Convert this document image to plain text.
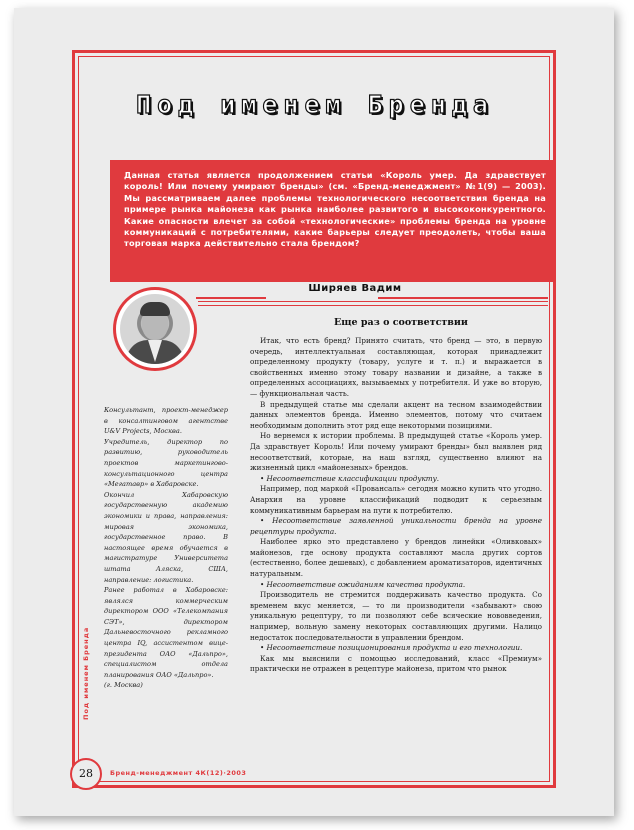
Под именем Бренда
Данная статья является продолжением статьи «Король умер. Да здравствует король! Или почему умирают бренды» (см. «Бренд-менеджмент» №1(9) — 2003). Мы рассматриваем далее проблемы технологического несоответствия бренда на примере рынка майонеза как рынка наиболее развитого и высококонкурентного. Какие опасности влечет за собой «технологические» проблемы бренда на уровне коммуникаций с потребителями, какие барьеры следует преодолеть, чтобы ваша торговая марка действительно стала брендом?
Ширяев Вадим
Еще раз о соответствии

Консультант, проект-менеджер в консалтинговом агентстве U&V Projects, Москва.

Учредитель, директор по развитию, руководитель проектов маркетингово-консультационного центра «Мегатавр» в Хабаровске.

Окончил Хабаровскую государственную академию экономики и права, направления: мировая экономика, государственное право. В настоящее время обучается в магистратуре Университета штата Аляска, США, направление: логистика.

Ранее работал в Хабаровске: являлся коммерческим директором ООО «Телекомпания СЭТ», директором Дальневосточного рекламного центра IQ, ассистентом вице-президента ОАО «Дальпро», специалистом отдела планирования ОАО «Дальпро».

(г. Москва)

Итак, что есть бренд? Принято считать, что бренд — это, в первую очередь, интеллектуальная составляющая, которая принадлежит определенному продукту (товару, услуге и т. п.) и выражается в свойственных именно этому товару названии и дизайне, а также в определенных ассоциациях, вызываемых у потребителя. И уже во вторую, — функциональная часть.

В предыдущей статье мы сделали акцент на тесном взаимодействии данных элементов бренда. Именно элементов, потому что считаем необходимым дополнить этот ряд еще некоторыми позициями.

Но вернемся к истории проблемы. В предыдущей статье «Король умер. Да здравствует Король! Или почему умирают бренды» был выявлен ряд несоответствий, которые, на наш взгляд, существенно влияют на жизненный цикл «майонезных» брендов.

• Несоответствие классификации продукту.

Например, под маркой «Провансаль» сегодня можно купить что угодно. Анархия на уровне классификаций подводит к серьезным коммуникативным барьерам на пути к потребителю.

• Несоответствие заявленной уникальности бренда на уровне рецептуры продукта.

Наиболее ярко это представлено у брендов линейки «Оливковых» майонезов, где основу продукта составляют масла других сортов (естественно, более дешевых), с добавлением ароматизаторов, идентичных натуральным.

• Несоответствие ожиданиям качества продукта.

Производитель не стремится поддерживать качество продукта. Со временем вкус меняется, — то ли производители «забывают» свою уникальную рецептуру, то ли позволяют себе всяческие нововведения, например, вольную замену некоторых составляющих другими. Налицо недостаток последовательности в управлении брендом.

• Несоответствие позиционирования продукта и его технологии.

Как мы выяснили с помощью исследований, класс «Премиум» практически не отражен в рецептуре майонеза, притом что рынок

Под именем Бренда
28	Бренд-менеджмент 4К(12)·2003
